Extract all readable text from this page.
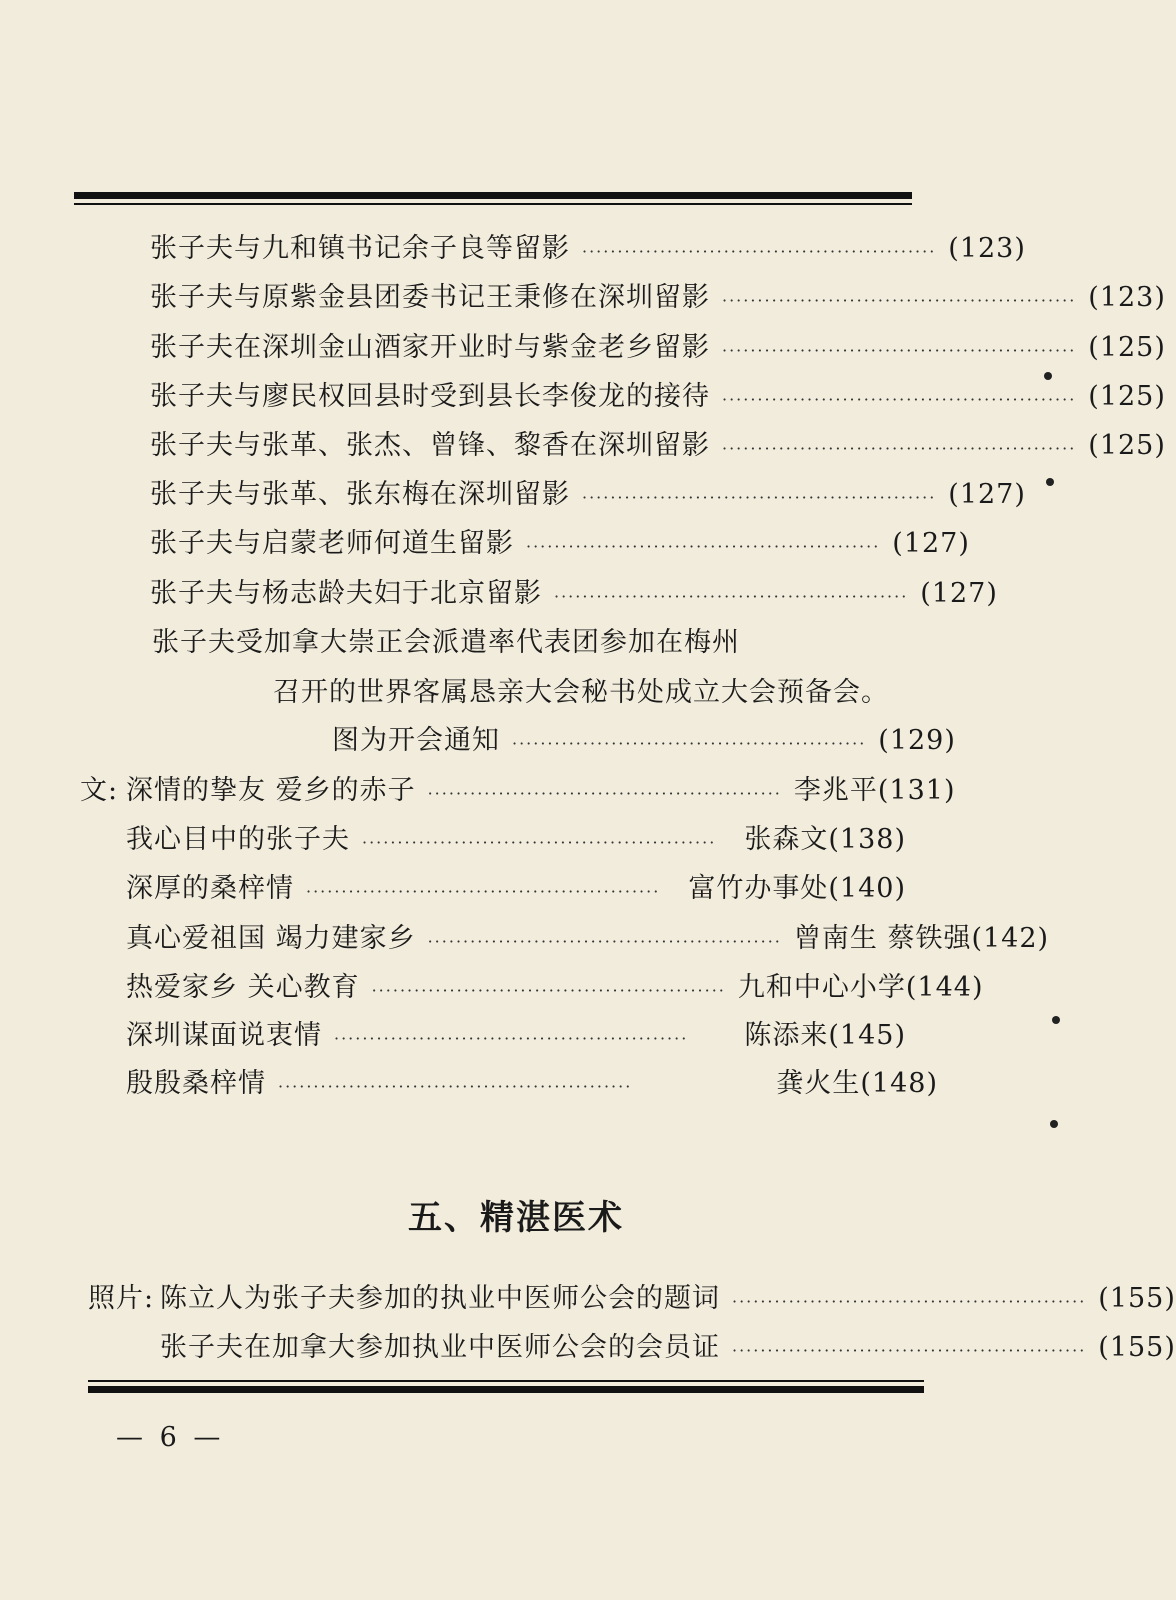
张子夫与九和镇书记余子良等留影 ·················································· (123)
张子夫与原紫金县团委书记王秉修在深圳留影 ·················································· (123)
张子夫在深圳金山酒家开业时与紫金老乡留影 ·················································· (125)
张子夫与廖民权回县时受到县长李俊龙的接待 ·················································· (125)
张子夫与张革、张杰、曾锋、黎香在深圳留影 ·················································· (125)
张子夫与张革、张东梅在深圳留影 ·················································· (127)
张子夫与启蒙老师何道生留影 ·················································· (127)
张子夫与杨志龄夫妇于北京留影 ·················································· (127)
张子夫受加拿大崇正会派遣率代表团参加在梅州
召开的世界客属恳亲大会秘书处成立大会预备会。
图为开会通知 ·················································· (129)
文: 深情的挚友 爱乡的赤子 ·················································· 李兆平(131)
我心目中的张子夫 ··················································	张森文(138)
深厚的桑梓情 ··················································	富竹办事处(140)
真心爱祖国 竭力建家乡 ·················································· 曾南生 蔡铁强(142)
热爱家乡 关心教育 ·················································· 九和中心小学(144)
深圳谋面说衷情 ··················································	陈添来(145)
殷殷桑梓情 ··················································	龚火生(148)
五、精湛医术
照片: 陈立人为张子夫参加的执业中医师公会的题词 ·················································· (155)
张子夫在加拿大参加执业中医师公会的会员证 ·················································· (155)
— 6 —
